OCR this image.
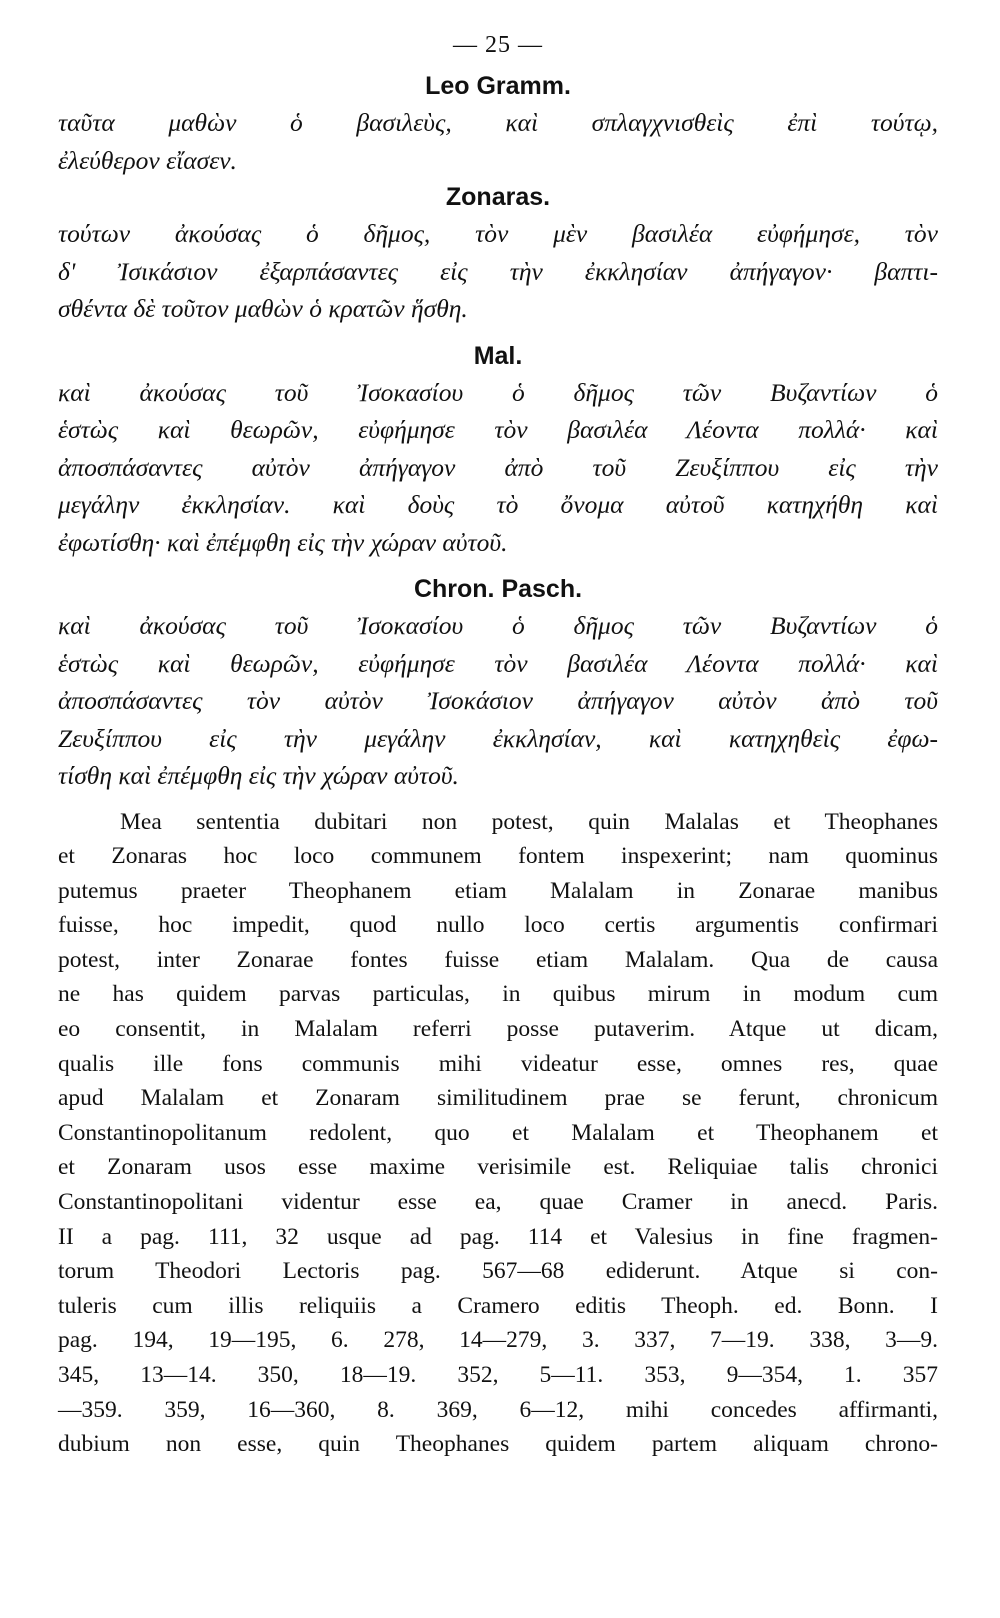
— 25 —
Leo Gramm.

ταῦτα μαθὼν ὁ βασιλεὺς, καὶ σπλαγχνισθεὶς ἐπὶ τούτῳ,
ἐλεύθερον εἴασεν.

Zonaras.

τούτων ἀκούσας ὁ δῆμος, τὸν μὲν βασιλέα εὐφήμησε, τὸν
δ' Ἰσικάσιον ἐξαρπάσαντες εἰς τὴν ἐκκλησίαν ἀπήγαγον· βαπτι-
σθέντα δὲ τοῦτον μαθὼν ὁ κρατῶν ἥσθη.

Mal.

καὶ ἀκούσας τοῦ Ἰσοκασίου ὁ δῆμος τῶν Βυζαντίων ὁ
ἑστὼς καὶ θεωρῶν, εὐφήμησε τὸν βασιλέα Λέοντα πολλά· καὶ
ἀποσπάσαντες αὐτὸν ἀπήγαγον ἀπὸ τοῦ Ζευξίππου εἰς τὴν
μεγάλην ἐκκλησίαν. καὶ δοὺς τὸ ὄνομα αὐτοῦ κατηχήθη καὶ
ἐφωτίσθη· καὶ ἐπέμφθη εἰς τὴν χώραν αὐτοῦ.

Chron. Pasch.

καὶ ἀκούσας τοῦ Ἰσοκασίου ὁ δῆμος τῶν Βυζαντίων ὁ
ἑστὼς καὶ θεωρῶν, εὐφήμησε τὸν βασιλέα Λέοντα πολλά· καὶ
ἀποσπάσαντες τὸν αὐτὸν Ἰσοκάσιον ἀπήγαγον αὐτὸν ἀπὸ τοῦ
Ζευξίππου εἰς τὴν μεγάλην ἐκκλησίαν, καὶ κατηχηθεὶς ἐφω-
τίσθη καὶ ἐπέμφθη εἰς τὴν χώραν αὐτοῦ.

Mea sententia dubitari non potest, quin Malalas et Theophanes
et Zonaras hoc loco communem fontem inspexerint; nam quominus
putemus praeter Theophanem etiam Malalam in Zonarae manibus
fuisse, hoc impedit, quod nullo loco certis argumentis confirmari
potest, inter Zonarae fontes fuisse etiam Malalam. Qua de causa
ne has quidem parvas particulas, in quibus mirum in modum cum
eo consentit, in Malalam referri posse putaverim. Atque ut dicam,
qualis ille fons communis mihi videatur esse, omnes res, quae
apud Malalam et Zonaram similitudinem prae se ferunt, chronicum
Constantinopolitanum redolent, quo et Malalam et Theophanem et
et Zonaram usos esse maxime verisimile est. Reliquiae talis chronici
Constantinopolitani videntur esse ea, quae Cramer in anecd. Paris.
II a pag. 111, 32 usque ad pag. 114 et Valesius in fine fragmen-
torum Theodori Lectoris pag. 567—68 ediderunt. Atque si con-
tuleris cum illis reliquiis a Cramero editis Theoph. ed. Bonn. I
pag. 194, 19—195, 6. 278, 14—279, 3. 337, 7—19. 338, 3—9.
345, 13—14. 350, 18—19. 352, 5—11. 353, 9—354, 1. 357
—359. 359, 16—360, 8. 369, 6—12, mihi concedes affirmanti,
dubium non esse, quin Theophanes quidem partem aliquam chrono-
